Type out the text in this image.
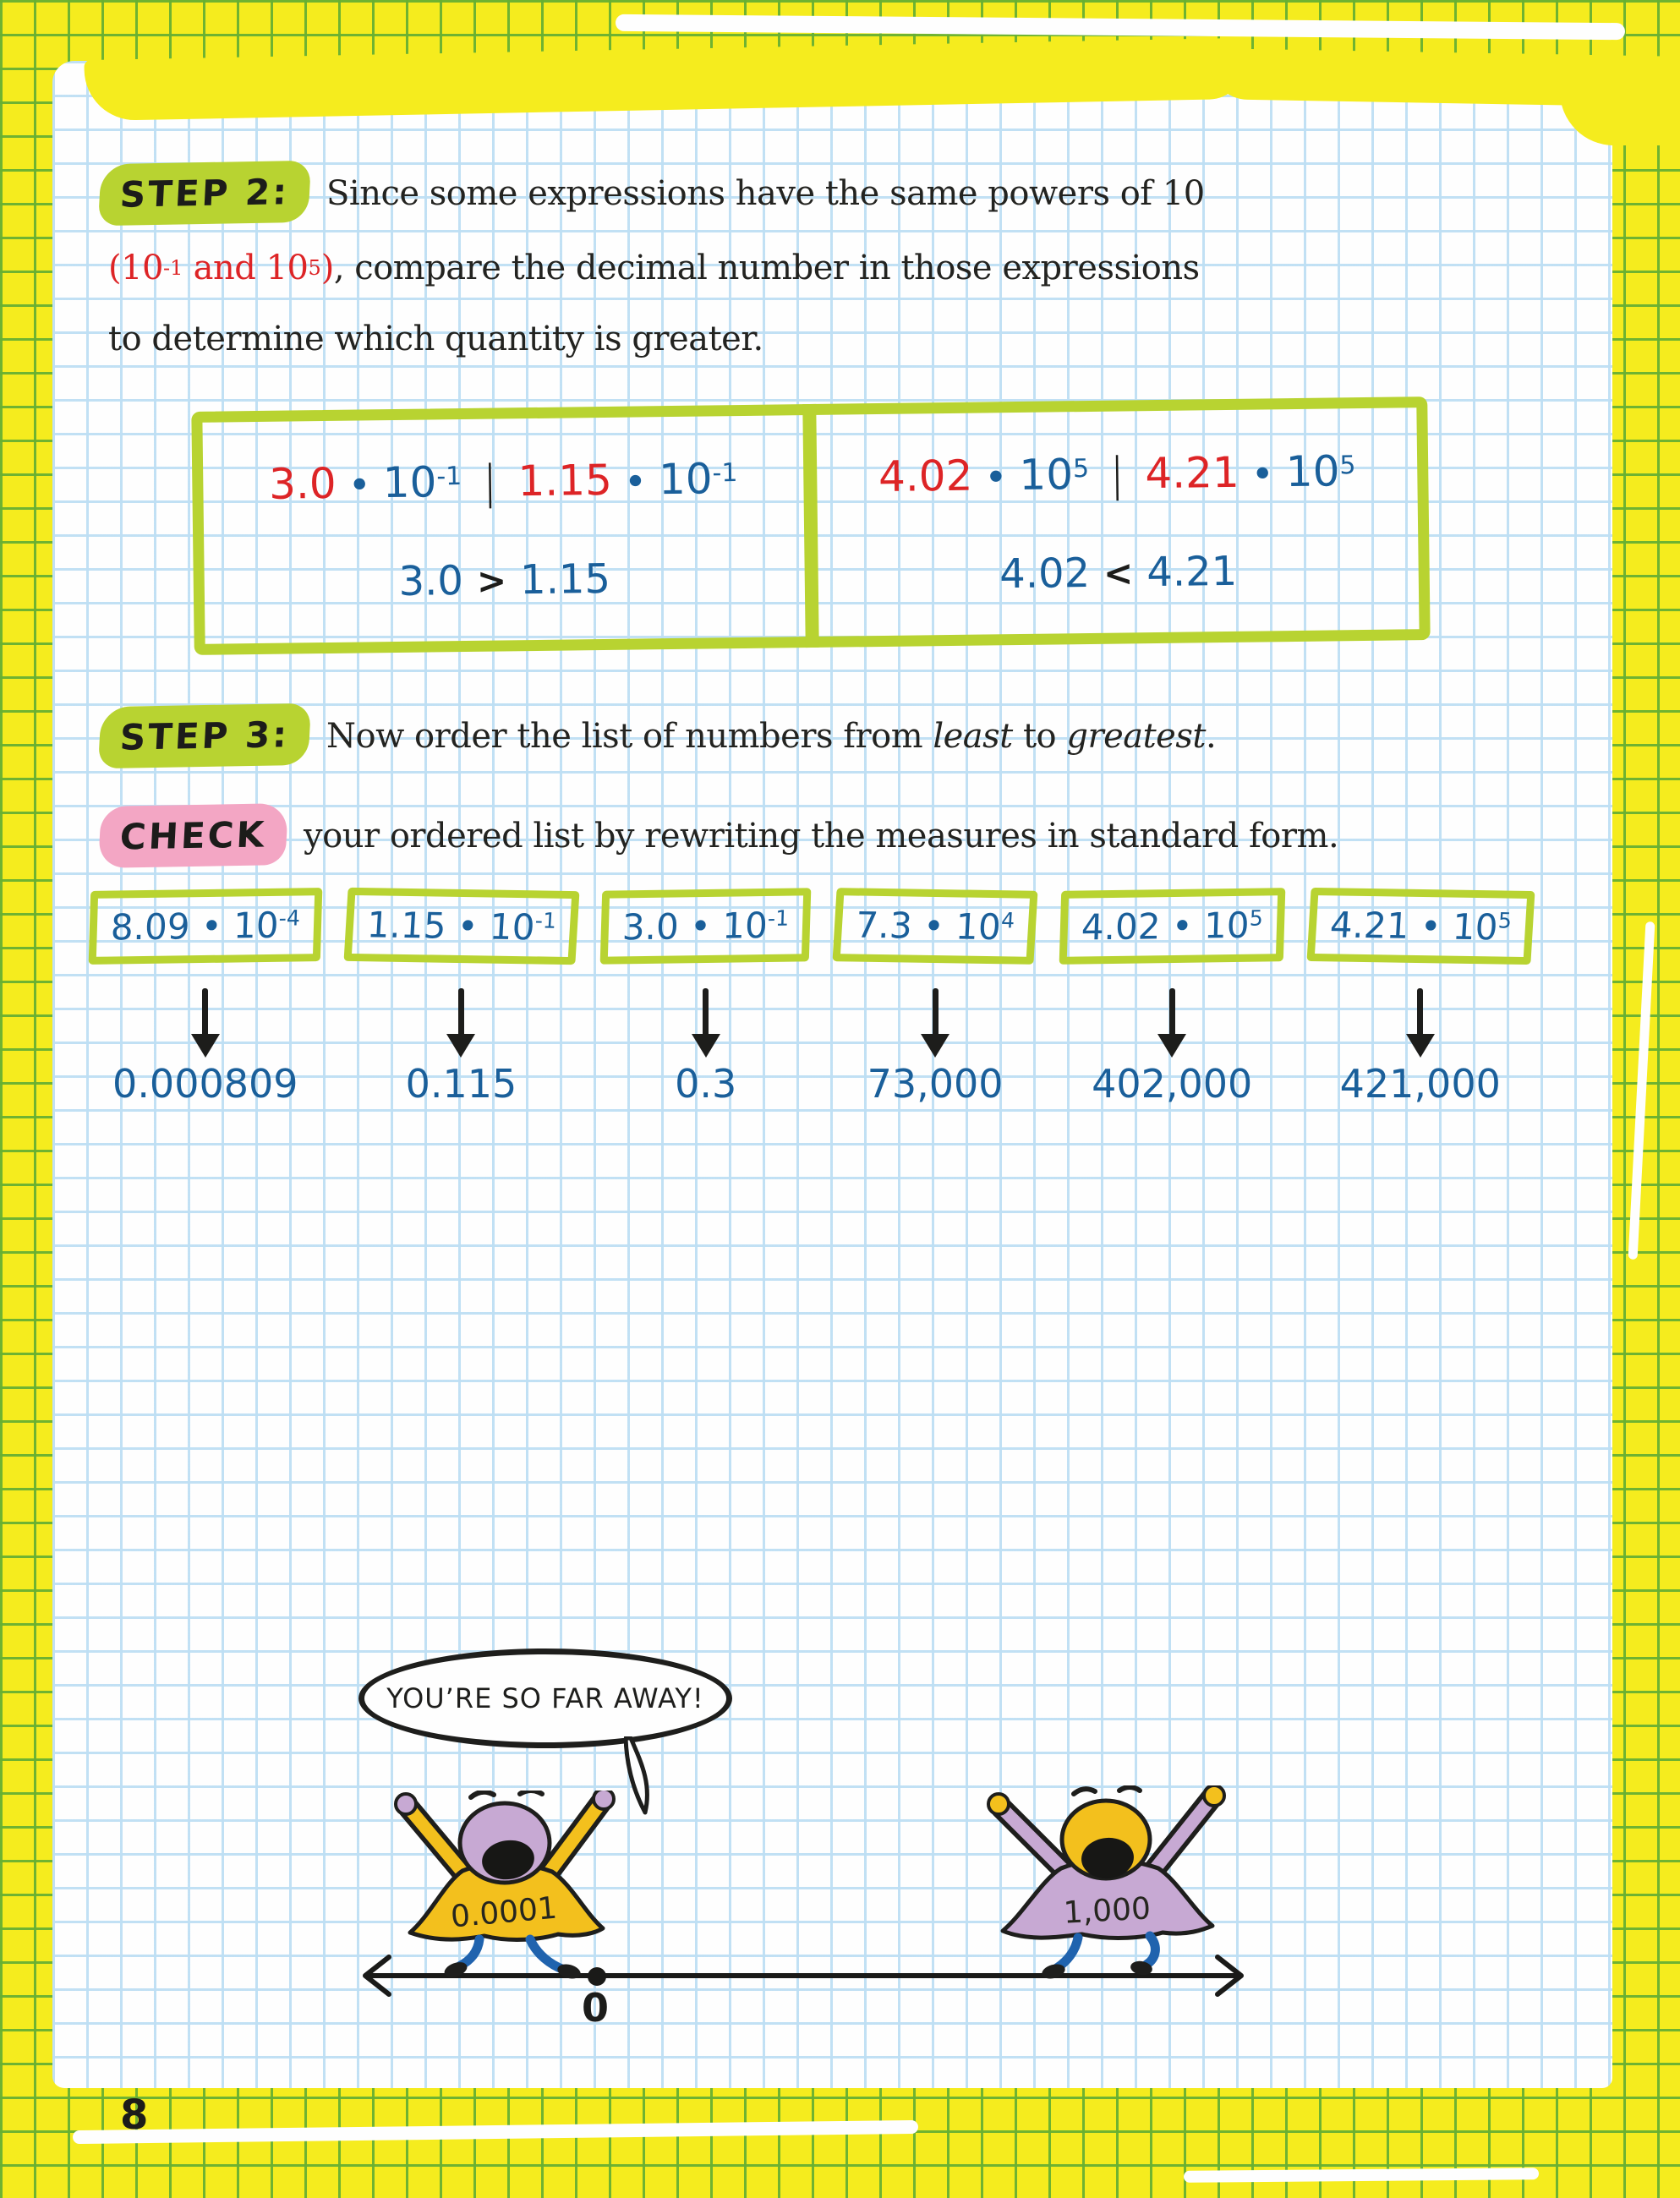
STEP 2:	Since some expressions have the same powers of 10
( 10 -1 and 10 5 ) , compare the decimal number in those expressions
to determine which quantity is greater.
3.0 • $10^{-1}$ | 1.15 • $10^{-1}$
3.0 > 1.15
4.02 • $10^5$ | 4.21 • $10^5$
4.02 < 4.21
STEP 3:	Now order the list of numbers from least to greatest.
CHECK	your ordered list by rewriting the measures in standard form.
8.09 • $10^{-4}$
0.000809
1.15 • $10^{-1}$
0.115
3.0 • $10^{-1}$
0.3
7.3 • $10^4$
73,000
4.02 • $10^5$
402,000
4.21 • $10^5$
421,000
YOU’RE SO FAR AWAY!
0.0001	1,000
0
8
